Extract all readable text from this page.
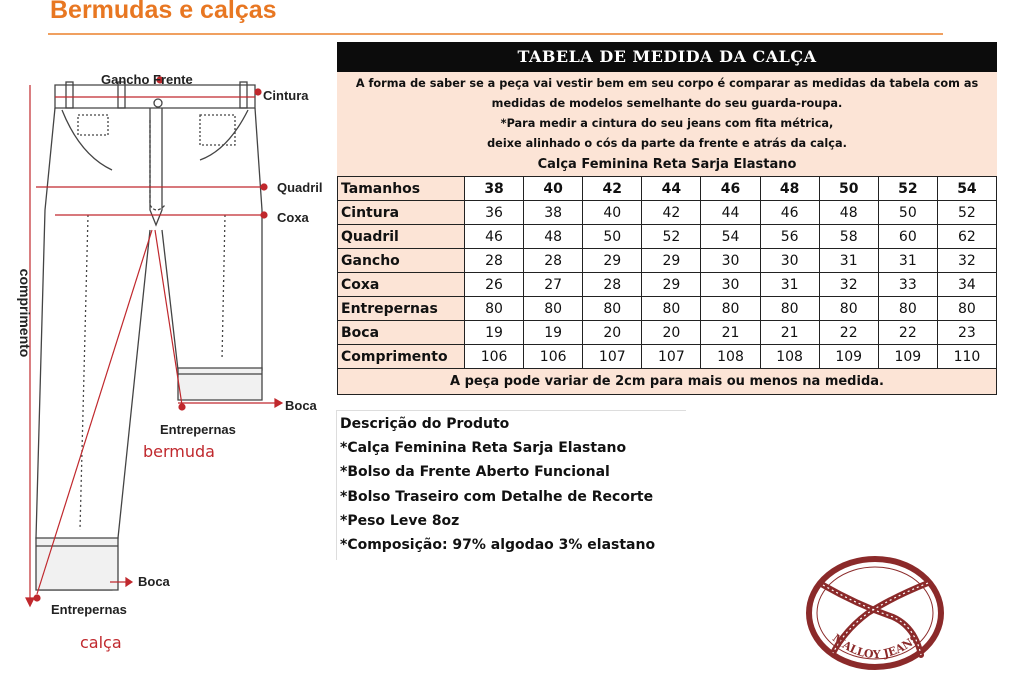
Bermudas e calças
Gancho Frente
Cintura
Quadril
Coxa
comprimento
Boca
Entrepernas
bermuda
Boca
Entrepernas
calça
TABELA DE MEDIDA DA CALÇA
A forma de saber se a peça vai vestir bem em seu corpo é comparar as medidas da tabela com as
medidas de modelos semelhante do seu guarda-roupa.
*Para medir a cintura do seu jeans com fita métrica,
deixe alinhado o cós da parte da frente e atrás da calça.
Calça Feminina Reta Sarja Elastano
Tamanhos	38	40	42	44	46	48	50	52	54
Cintura	36	38	40	42	44	46	48	50	52
Quadril	46	48	50	52	54	56	58	60	62
Gancho	28	28	29	29	30	30	31	31	32
Coxa	26	27	28	29	30	31	32	33	34
Entrepernas	80	80	80	80	80	80	80	80	80
Boca	19	19	20	20	21	21	22	22	23
Comprimento	106	106	107	107	108	108	109	109	110
A peça pode variar de 2cm para mais ou menos na medida.
Descrição do Produto
*Calça Feminina Reta Sarja Elastano
*Bolso da Frente Aberto Funcional
*Bolso Traseiro com Detalhe de Recorte
*Peso Leve 8oz
*Composição: 97% algodao 3% elastano
MALLOY JEANS
